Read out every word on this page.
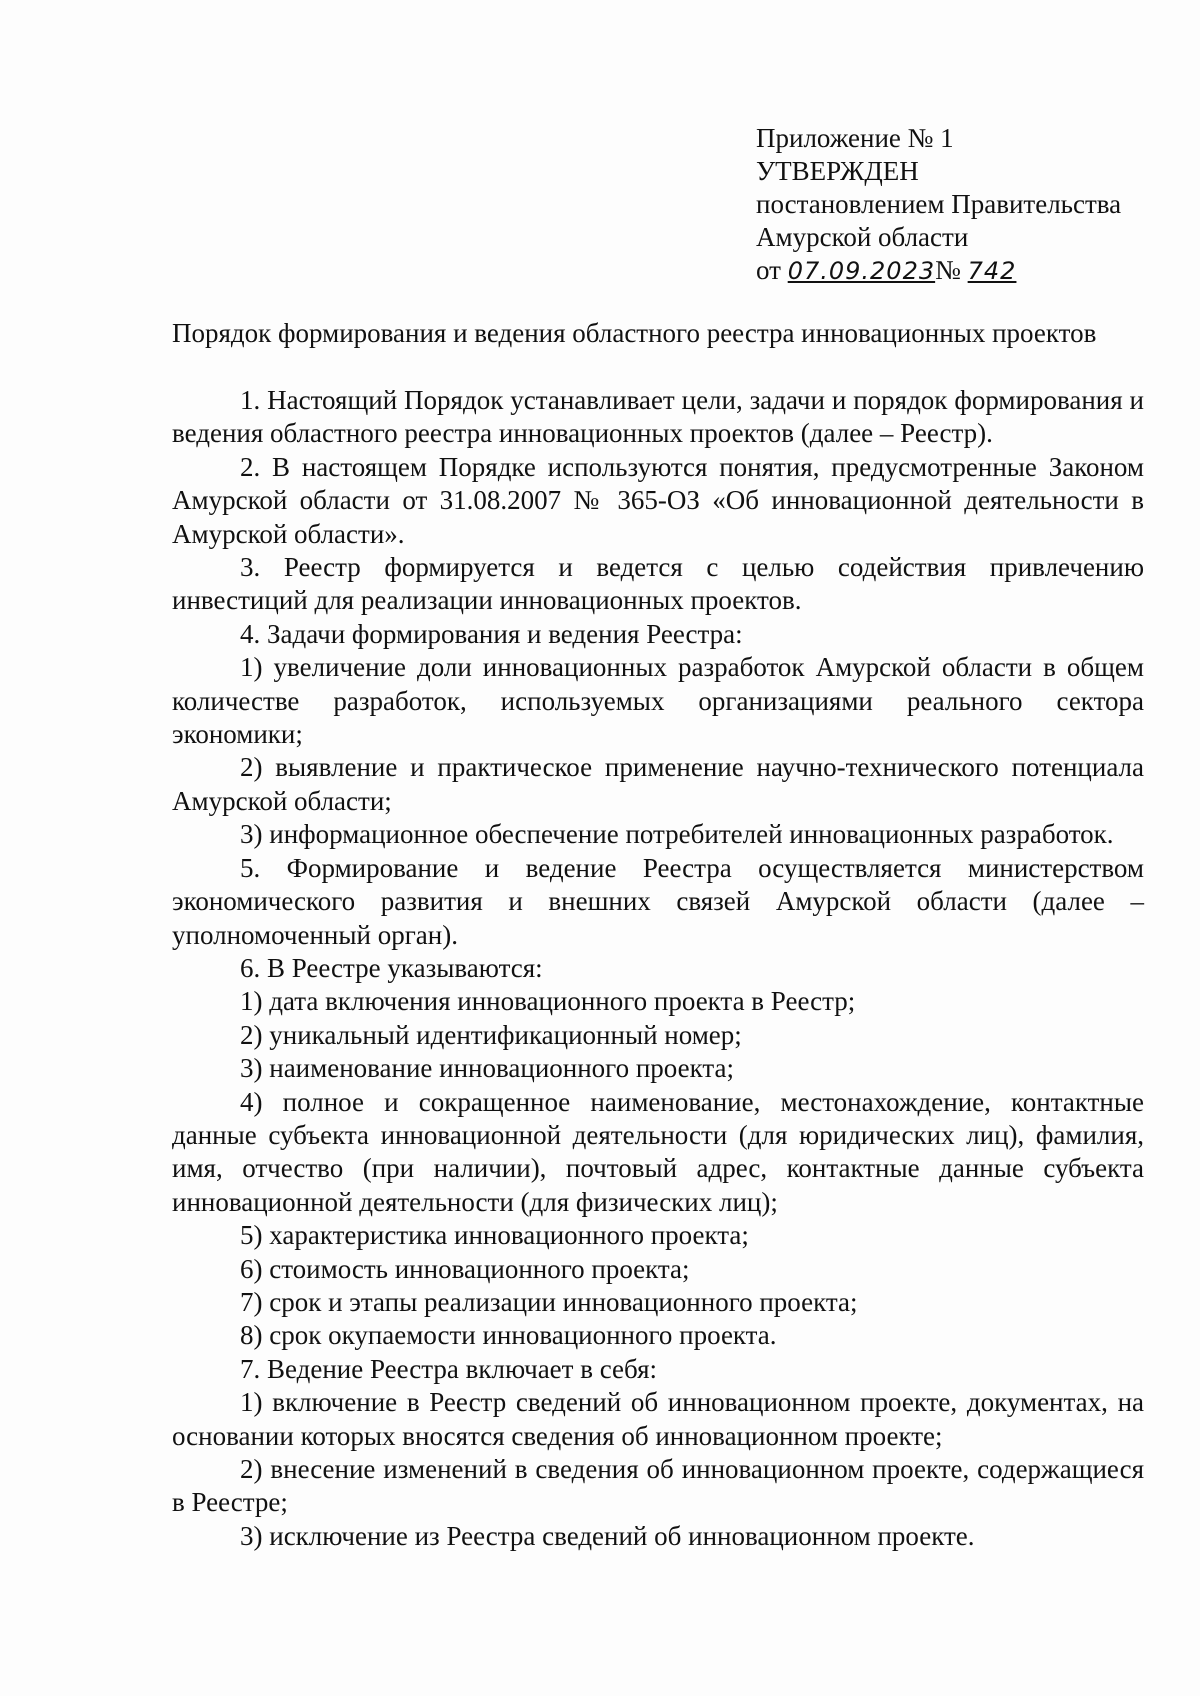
Приложение № 1
УТВЕРЖДЕН
постановлением Правительства
Амурской области
от 07.09.2023№ 742
Порядок формирования и ведения областного реестра инновационных проектов

1. Настоящий Порядок устанавливает цели, задачи и порядок формирования и ведения областного реестра инновационных проектов (далее – Реестр).

2. В настоящем Порядке используются понятия, предусмотренные Законом Амурской области от 31.08.2007 № 365-ОЗ «Об инновационной деятельности в Амурской области».

3. Реестр формируется и ведется с целью содействия привлечению инвестиций для реализации инновационных проектов.

4. Задачи формирования и ведения Реестра:

1) увеличение доли инновационных разработок Амурской области в общем количестве разработок, используемых организациями реального сектора экономики;

2) выявление и практическое применение научно-технического потенциала Амурской области;

3) информационное обеспечение потребителей инновационных разработок.

5. Формирование и ведение Реестра осуществляется министерством экономического развития и внешних связей Амурской области (далее – уполномоченный орган).

6. В Реестре указываются:

1) дата включения инновационного проекта в Реестр;

2) уникальный идентификационный номер;

3) наименование инновационного проекта;

4) полное и сокращенное наименование, местонахождение, контактные данные субъекта инновационной деятельности (для юридических лиц), фамилия, имя, отчество (при наличии), почтовый адрес, контактные данные субъекта инновационной деятельности (для физических лиц);

5) характеристика инновационного проекта;

6) стоимость инновационного проекта;

7) срок и этапы реализации инновационного проекта;

8) срок окупаемости инновационного проекта.

7. Ведение Реестра включает в себя:

1) включение в Реестр сведений об инновационном проекте, документах, на основании которых вносятся сведения об инновационном проекте;

2) внесение изменений в сведения об инновационном проекте, содержащиеся в Реестре;

3) исключение из Реестра сведений об инновационном проекте.
